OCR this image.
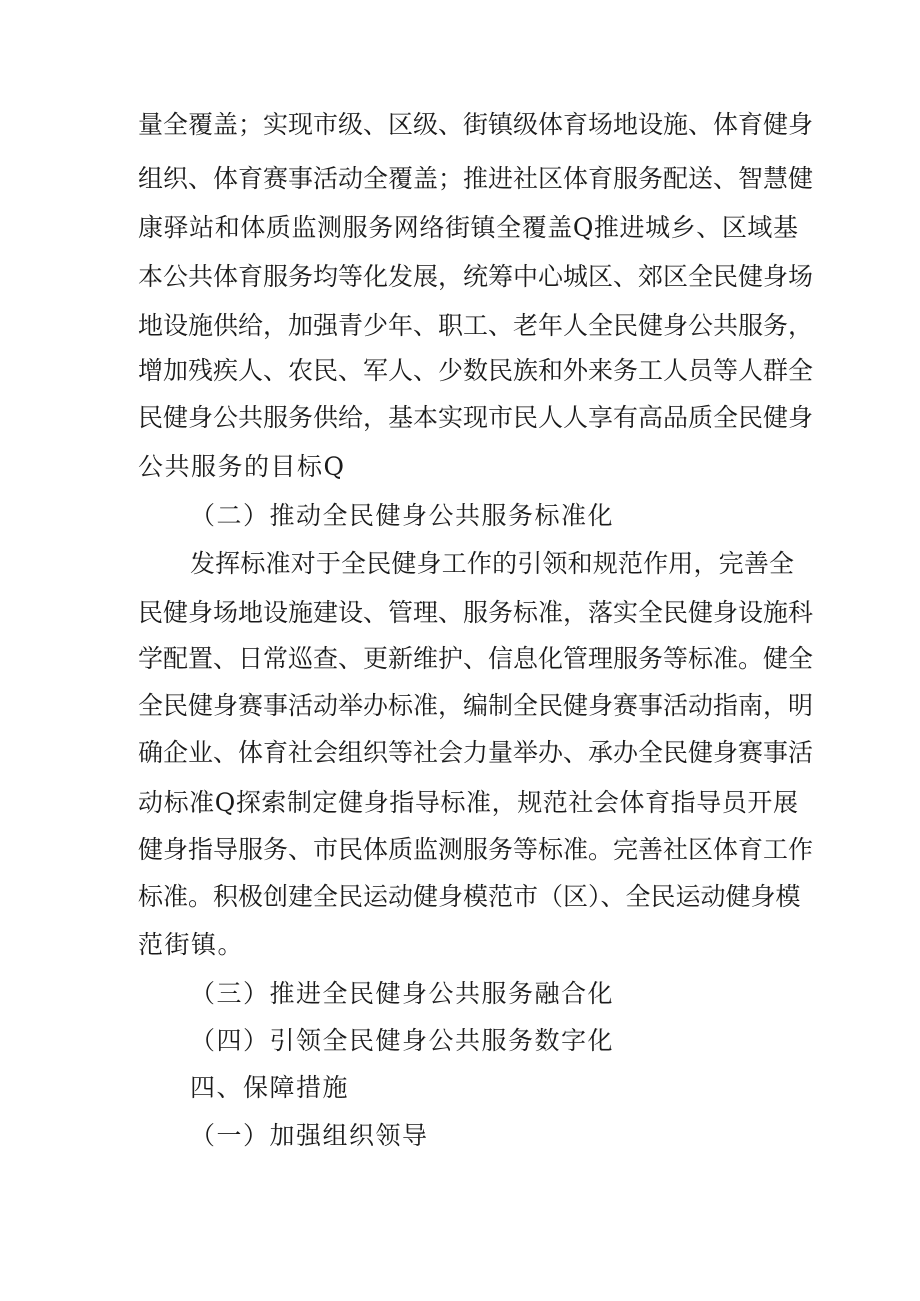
量全覆盖；实现市级、区级、街镇级体育场地设施、体育健身
组织、体育赛事活动全覆盖；推进社区体育服务配送、智慧健
康驿站和体质监测服务网络街镇全覆盖Q推进城乡、区域基
本公共体育服务均等化发展，统筹中心城区、郊区全民健身场
地设施供给，加强青少年、职工、老年人全民健身公共服务，
增加残疾人、农民、军人、少数民族和外来务工人员等人群全
民健身公共服务供给，基本实现市民人人享有高品质全民健身
公共服务的目标Q
（二）推动全民健身公共服务标准化
发挥标准对于全民健身工作的引领和规范作用，完善全
民健身场地设施建设、管理、服务标准，落实全民健身设施科
学配置、日常巡查、更新维护、信息化管理服务等标准。健全
全民健身赛事活动举办标准，编制全民健身赛事活动指南，明
确企业、体育社会组织等社会力量举办、承办全民健身赛事活
动标准Q探索制定健身指导标准，规范社会体育指导员开展
健身指导服务、市民体质监测服务等标准。完善社区体育工作
标准。积极创建全民运动健身模范市（区）、全民运动健身模
范街镇。
（三）推进全民健身公共服务融合化
（四）引领全民健身公共服务数字化
四、保障措施
（一）加强组织领导
